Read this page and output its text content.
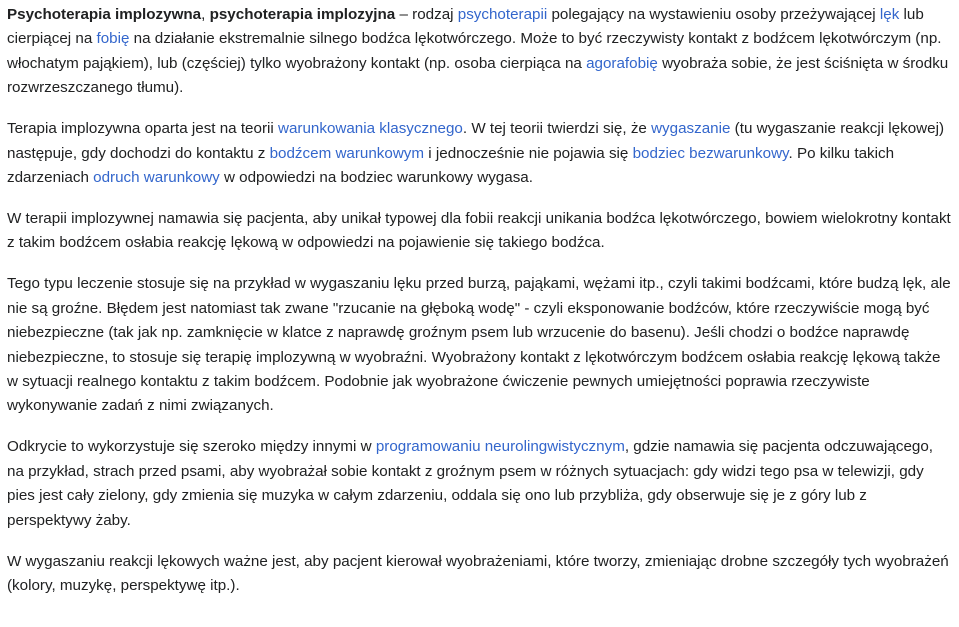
Psychoterapia implozywna, psychoterapia implozyjna – rodzaj psychoterapii polegający na wystawieniu osoby przeżywającej lęk lub cierpiącej na fobię na działanie ekstremalnie silnego bodźca lękotwórczego. Może to być rzeczywisty kontakt z bodźcem lękotwórczym (np. włochatym pająkiem), lub (częściej) tylko wyobrażony kontakt (np. osoba cierpiąca na agorafobię wyobraża sobie, że jest ściśnięta w środku rozwrzeszczanego tłumu).

Terapia implozywna oparta jest na teorii warunkowania klasycznego. W tej teorii twierdzi się, że wygaszanie (tu wygaszanie reakcji lękowej) następuje, gdy dochodzi do kontaktu z bodźcem warunkowym i jednocześnie nie pojawia się bodziec bezwarunkowy. Po kilku takich zdarzeniach odruch warunkowy w odpowiedzi na bodziec warunkowy wygasa.

W terapii implozywnej namawia się pacjenta, aby unikał typowej dla fobii reakcji unikania bodźca lękotwórczego, bowiem wielokrotny kontakt z takim bodźcem osłabia reakcję lękową w odpowiedzi na pojawienie się takiego bodźca.

Tego typu leczenie stosuje się na przykład w wygaszaniu lęku przed burzą, pająkami, wężami itp., czyli takimi bodźcami, które budzą lęk, ale nie są groźne. Błędem jest natomiast tak zwane "rzucanie na głęboką wodę" - czyli eksponowanie bodźców, które rzeczywiście mogą być niebezpieczne (tak jak np. zamknięcie w klatce z naprawdę groźnym psem lub wrzucenie do basenu). Jeśli chodzi o bodźce naprawdę niebezpieczne, to stosuje się terapię implozywną w wyobraźni. Wyobrażony kontakt z lękotwórczym bodźcem osłabia reakcję lękową także w sytuacji realnego kontaktu z takim bodźcem. Podobnie jak wyobrażone ćwiczenie pewnych umiejętności poprawia rzeczywiste wykonywanie zadań z nimi związanych.

Odkrycie to wykorzystuje się szeroko między innymi w programowaniu neurolingwistycznym, gdzie namawia się pacjenta odczuwającego, na przykład, strach przed psami, aby wyobrażał sobie kontakt z groźnym psem w różnych sytuacjach: gdy widzi tego psa w telewizji, gdy pies jest cały zielony, gdy zmienia się muzyka w całym zdarzeniu, oddala się ono lub przybliża, gdy obserwuje się je z góry lub z perspektywy żaby.

W wygaszaniu reakcji lękowych ważne jest, aby pacjent kierował wyobrażeniami, które tworzy, zmieniając drobne szczegóły tych wyobrażeń (kolory, muzykę, perspektywę itp.).
